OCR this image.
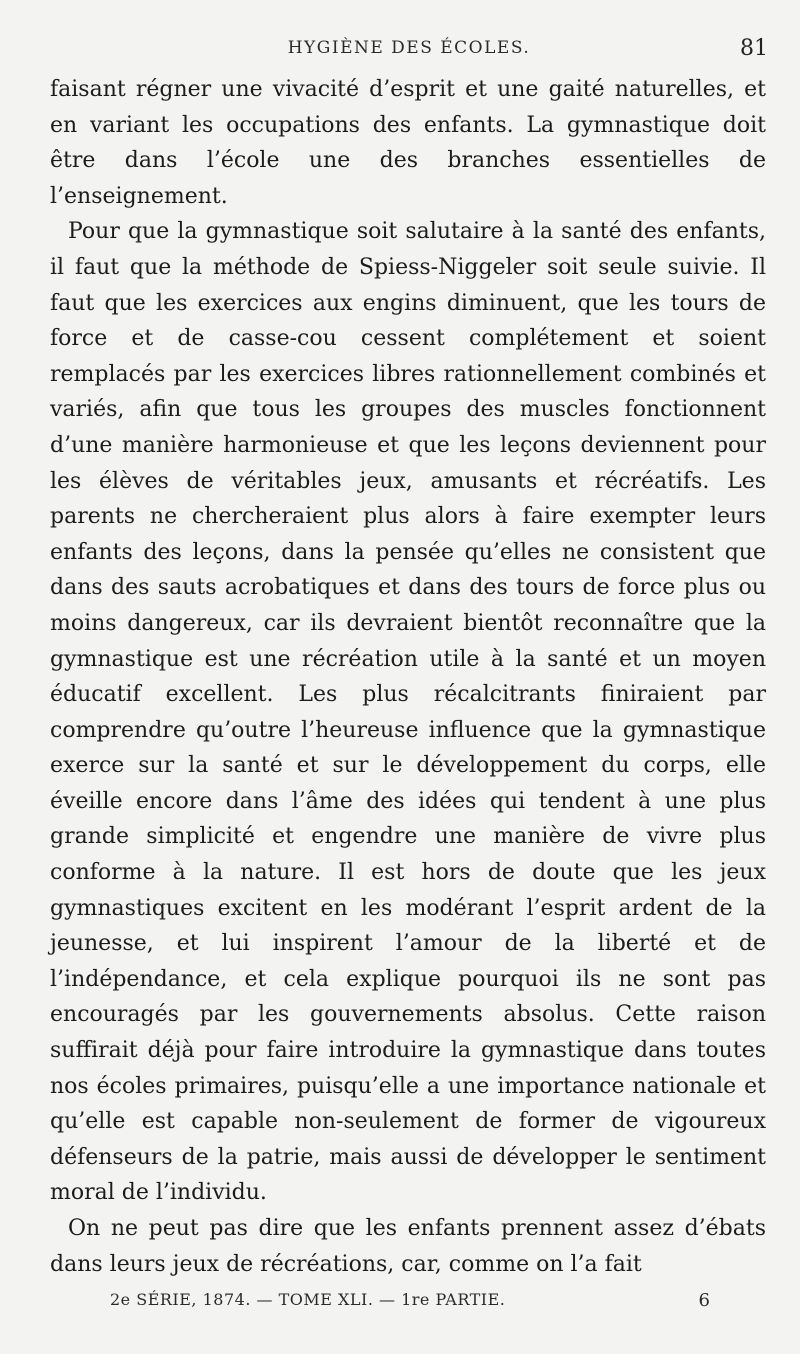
HYGIÈNE DES ÉCOLES.	81

faisant régner une vivacité d’esprit et une gaité naturelles, et en variant les occupations des enfants. La gymnastique doit être dans l’école une des branches essentielles de l’enseignement.

Pour que la gymnastique soit salutaire à la santé des enfants, il faut que la méthode de Spiess-Niggeler soit seule suivie. Il faut que les exercices aux engins diminuent, que les tours de force et de casse-cou cessent complétement et soient remplacés par les exercices libres rationnellement combinés et variés, afin que tous les groupes des muscles fonctionnent d’une manière harmonieuse et que les leçons deviennent pour les élèves de véritables jeux, amusants et récréatifs. Les parents ne chercheraient plus alors à faire exempter leurs enfants des leçons, dans la pensée qu’elles ne consistent que dans des sauts acrobatiques et dans des tours de force plus ou moins dangereux, car ils devraient bientôt reconnaître que la gymnastique est une récréation utile à la santé et un moyen éducatif excellent. Les plus récalcitrants finiraient par comprendre qu’outre l’heureuse influence que la gymnastique exerce sur la santé et sur le développement du corps, elle éveille encore dans l’âme des idées qui tendent à une plus grande simplicité et engendre une manière de vivre plus conforme à la nature. Il est hors de doute que les jeux gymnastiques excitent en les modérant l’esprit ardent de la jeunesse, et lui inspirent l’amour de la liberté et de l’indépendance, et cela explique pourquoi ils ne sont pas encouragés par les gouvernements absolus. Cette raison suffirait déjà pour faire introduire la gymnastique dans toutes nos écoles primaires, puisqu’elle a une importance nationale et qu’elle est capable non-seulement de former de vigoureux défenseurs de la patrie, mais aussi de développer le sentiment moral de l’individu.

On ne peut pas dire que les enfants prennent assez d’ébats dans leurs jeux de récréations, car, comme on l’a fait

2e SÉRIE, 1874. — TOME XLI. — 1re PARTIE.	6
